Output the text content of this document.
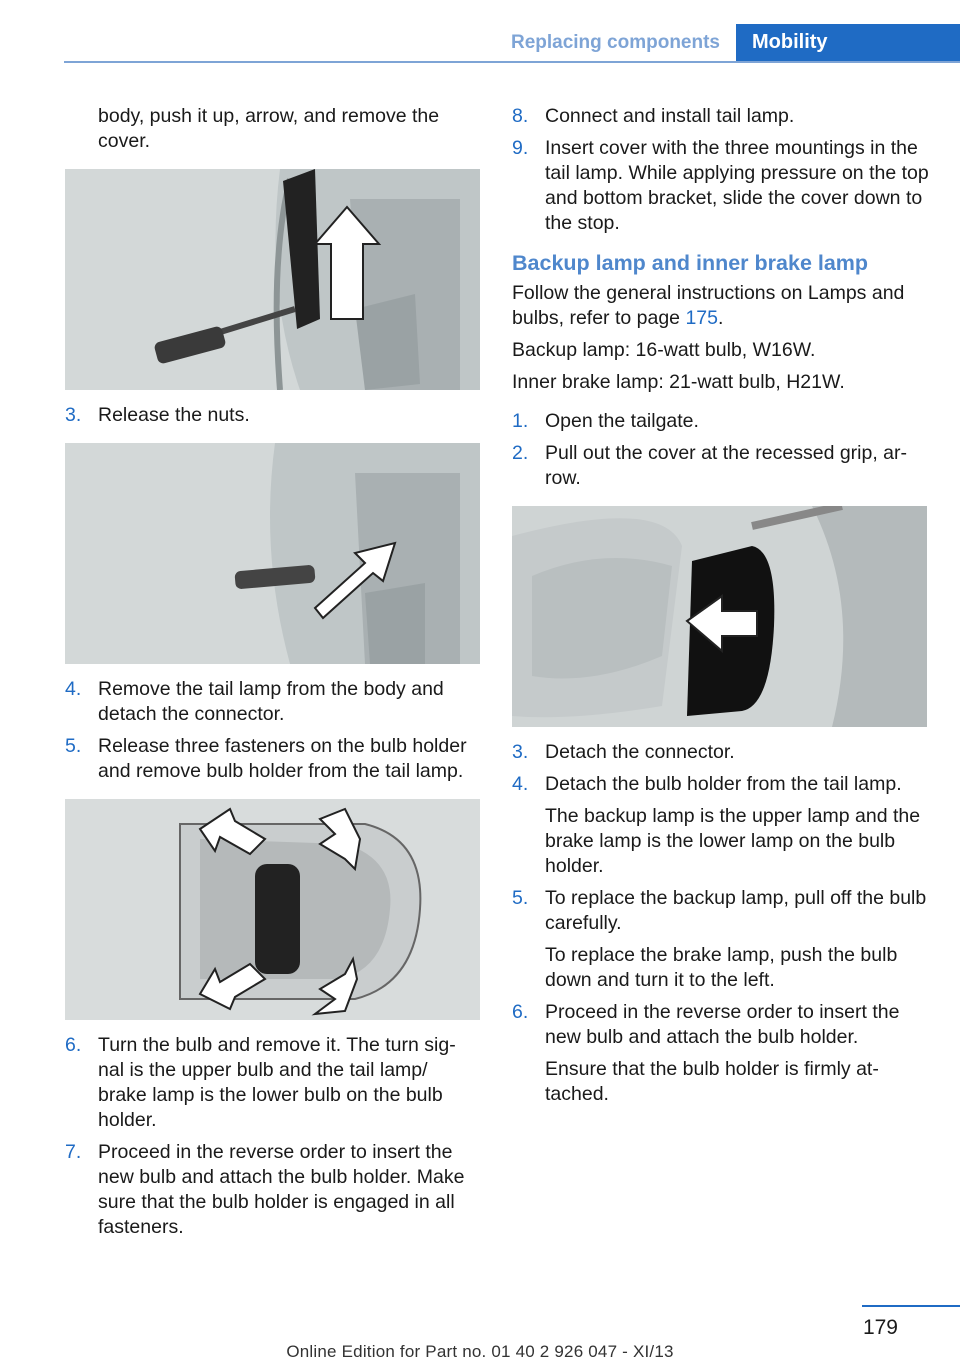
Replacing components	Mobility

body, push it up, arrow, and remove the cover.

3. Release the nuts.
4. Remove the tail lamp from the body and detach the connector.
5. Release three fasteners on the bulb holder and remove bulb holder from the tail lamp.
6. Turn the bulb and remove it. The turn sig‐nal is the upper bulb and the tail lamp/ brake lamp is the lower bulb on the bulb holder.
7. Proceed in the reverse order to insert the new bulb and attach the bulb holder. Make sure that the bulb holder is engaged in all fasteners.
8. Connect and install tail lamp.
9. Insert cover with the three mountings in the tail lamp. While applying pressure on the top and bottom bracket, slide the cover down to the stop.
Backup lamp and inner brake lamp

Follow the general instructions on Lamps and bulbs, refer to page 175.

Backup lamp: 16‑watt bulb, W16W.

Inner brake lamp: 21‑watt bulb, H21W.

1. Open the tailgate.
2. Pull out the cover at the recessed grip, ar‐row.
3. Detach the connector.
4. Detach the bulb holder from the tail lamp.

The backup lamp is the upper lamp and the brake lamp is the lower lamp on the bulb holder.

5. To replace the backup lamp, pull off the bulb carefully.

To replace the brake lamp, push the bulb down and turn it to the left.

6. Proceed in the reverse order to insert the new bulb and attach the bulb holder.

Ensure that the bulb holder is firmly at‐tached.

179
Online Edition for Part no. 01 40 2 926 047 - XI/13
